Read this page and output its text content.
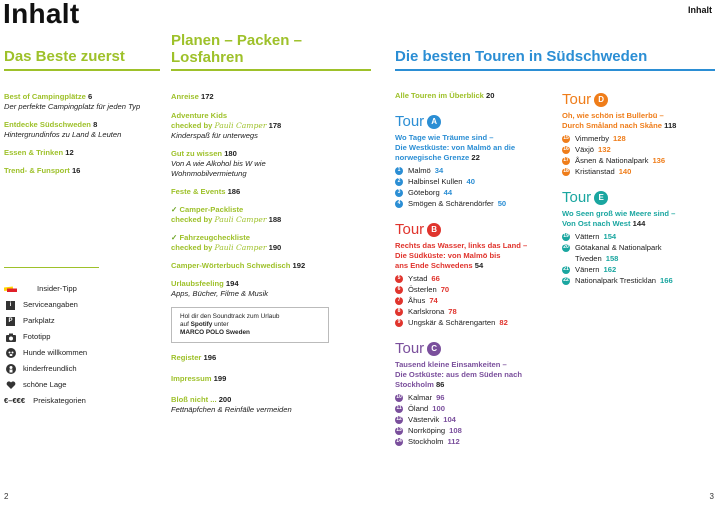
Inhalt	Inhalt
Das Beste zuerst
Best of Campingplätze 6
Der perfekte Campingplatz für jeden Typ
Entdecke Südschweden 8
Hintergrundinfos zu Land & Leuten
Essen & Trinken 12
Trend- & Funsport 16
Insider-Tipp
i	Serviceangaben
P	Parkplatz
Fototipp
Hunde willkommen
kinderfreundlich
schöne Lage
€–€€€ Preiskategorien
Planen – Packen –
Losfahren
Anreise 172
Adventure Kids
checked by Pauli Camper 178
Kinderspaß für unterwegs
Gut zu wissen 180
Von A wie Alkohol bis W wie Wohnmobilvermietung
Feste & Events 186
✓ Camper-Packliste
checked by Pauli Camper 188
✓ Fahrzeugcheckliste
checked by Pauli Camper 190
Camper-Wörterbuch Schwedisch 192
Urlaubsfeeling 194
Apps, Bücher, Filme & Musik
Hol dir den Soundtrack zum Urlaub
auf Spotify unter
MARCO POLO Sweden
Register 196
Impressum 199
Bloß nicht ... 200
Fettnäpfchen & Reinfälle vermeiden
Die besten Touren in Südschweden
Alle Touren im Überblick 20
Tour A
Wo Tage wie Träume sind –
Die Westküste: von Malmö an die
norwegische Grenze 22
1	Malmö 34
2	Halbinsel Kullen 40
3	Göteborg 44
4	Smögen & Schärendörfer 50
Tour B
Rechts das Wasser, links das Land –
Die Südküste: von Malmö bis
ans Ende Schwedens 54
5	Ystad 66
6	Österlen 70
7	Åhus 74
8	Karlskrona 78
9	Ungskär & Schärengarten 82
Tour C
Tausend kleine Einsamkeiten –
Die Ostküste: aus dem Süden nach
Stockholm 86
10 Kalmar 96
11 Öland 100
12 Västervik 104
13 Norrköping 108
14 Stockholm 112
Tour D
Oh, wie schön ist Bullerbü –
Durch Småland nach Skåne 118
15 Vimmerby 128
16 Växjö 132
17 Åsnen & Nationalpark 136
18 Kristianstad 140
Tour E
Wo Seen groß wie Meere sind –
Von Ost nach West 144
19 Vättern 154
20 Götakanal & Nationalpark
Tiveden 158
21 Vänern 162
22 Nationalpark Tresticklan 166
2	3
